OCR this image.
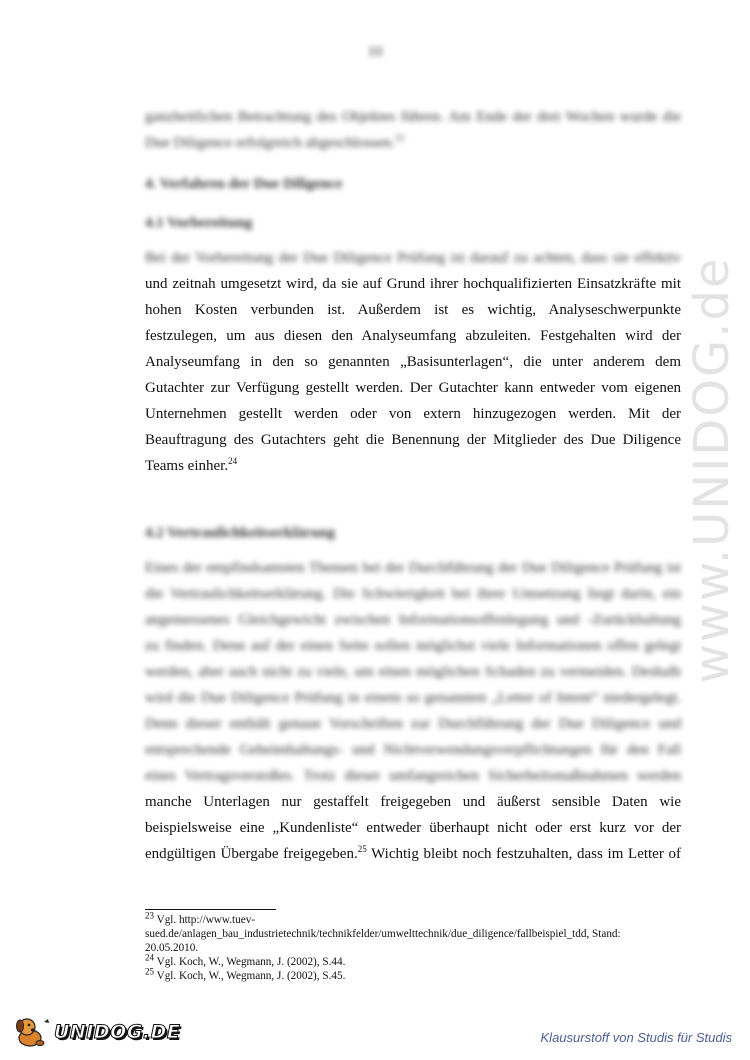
10
ganzheitlichen Betrachtung des Objektes führen. Am Ende der drei Wochen wurde die
Due Diligence erfolgreich abgeschlossen.$^{23}$
4. Verfahren der Due Diligence
4.1 Vorbereitung
Bei der Vorbereitung der Due Diligence Prüfung ist darauf zu achten, dass sie effektiv
und zeitnah umgesetzt wird, da sie auf Grund ihrer hochqualifizierten Einsatzkräfte mit
hohen Kosten verbunden ist. Außerdem ist es wichtig, Analyseschwerpunkte
festzulegen, um aus diesen den Analyseumfang abzuleiten. Festgehalten wird der
Analyseumfang in den so genannten „Basisunterlagen“, die unter anderem dem
Gutachter zur Verfügung gestellt werden. Der Gutachter kann entweder vom eigenen
Unternehmen gestellt werden oder von extern hinzugezogen werden. Mit der
Beauftragung des Gutachters geht die Benennung der Mitglieder des Due Diligence
Teams einher.$^{24}$
4.2 Vertraulichkeitserklärung
Eines der empfindsamsten Themen bei der Durchführung der Due Diligence Prüfung ist
die Vertraulichkeitserklärung. Die Schwierigkeit bei ihrer Umsetzung liegt darin, ein
angemessenes Gleichgewicht zwischen Informationsoffenlegung und -Zurückhaltung
zu finden. Denn auf der einen Seite sollen möglichst viele Informationen offen gelegt
werden, aber auch nicht zu viele, um einen möglichen Schaden zu vermeiden. Deshalb
wird die Due Diligence Prüfung in einem so genannten „Letter of Intent“ niedergelegt.
Denn dieser enthält genaue Vorschriften zur Durchführung der Due Diligence und
entsprechende Geheimhaltungs- und Nichtverwendungsverpflichtungen für den Fall
eines Vertragsverstoßes. Trotz dieser umfangreichen Sicherheitsmaßnahmen werden
manche Unterlagen nur gestaffelt freigegeben und äußerst sensible Daten wie
beispielsweise eine „Kundenliste“ entweder überhaupt nicht oder erst kurz vor der
endgültigen Übergabe freigegeben.$^{25}$ Wichtig bleibt noch festzuhalten, dass im Letter of
$^{23}$ Vgl. http://www.tuev-
sued.de/anlagen_bau_industrietechnik/technikfelder/umwelttechnik/due_diligence/fallbeispiel_tdd, Stand:
20.05.2010.
$^{24}$ Vgl. Koch, W., Wegmann, J. (2002), S.44.
$^{25}$ Vgl. Koch, W., Wegmann, J. (2002), S.45.
www.UNIDOG.de
UNIDOG.DE	Klausurstoff von Studis für Studis
